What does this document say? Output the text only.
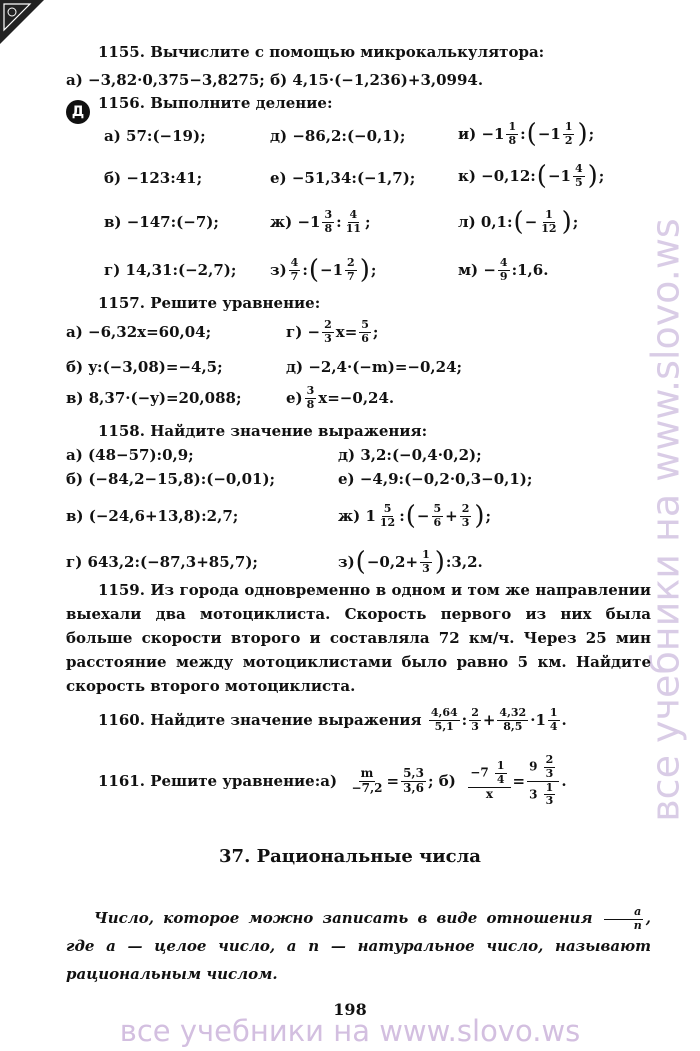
все учебники на www.slovo.ws
1155. Вычислите с помощью микрокалькулятора:
а) −3,82·0,375−3,8275; б) 4,15·(−1,236)+3,0994.
Д 1156. Выполните деление:
а) 57:(−19);	д) −86,2:(−0,1);	$и) -1 \frac{1}{8}$ : ( $-1 \frac{1}{2}$ ) ;
б) −123:41;	е) −51,34:(−1,7);	к) −0,12: ( $-1 \frac{4}{5}$ ) ;
в) −147:(−7);	$ж) -1 \frac{3}{8}$ : $\frac{4}{11}$ ;	л) 0,1: ( − $\frac{1}{12}$ ) ;
г) 14,31:(−2,7); $з) \frac{4}{7}$ : ( $-1 \frac{2}{7}$ ) ;	$м) - \frac{4}{9}$ :1,6.
1157. Решите уравнение:
а) −6,32x=60,04;	$г) - \frac{2}{3} x= \frac{5}{6}$ ;
б) y:(−3,08)=−4,5;	д) −2,4·(−m)=−0,24;
в) 8,37·(−y)=20,088;	$е) \frac{3}{8} x=-0,24$.
1158. Найдите значение выражения:
а) (48−57):0,9;	д) 3,2:(−0,4·0,2);
б) (−84,2−15,8):(−0,01);	е) −4,9:(−0,2·0,3−0,1);
в) (−24,6+13,8):2,7;	ж) $1 \frac{5}{12}$ : ( − $\frac{5}{6} + \frac{2}{3}$ ) ;
г) 643,2:(−87,3+85,7);	з) ( $-0,2+ \frac{1}{3}$ ) :3,2.
1159. Из города одновременно в одном и том же направлении выехали два мотоциклиста. Скорость первого из них была больше скорости второго и составляла 72 км/ч. Через 25 мин расстояние между мотоциклистами было равно 5 км. Найдите скорость второго мотоциклиста.
1160. Найдите значение выражения
$\frac{4,64}{5,1}$ : $\frac{2}{3} + \frac{4,32}{8,5} \cdot 1 \frac{1}{4}$ .
1161. Решите уравнение: а)
$\frac{m}{-7,2} = \frac{5,3}{3,6}$ ;
б)
$\frac{-7 \frac{1}{4}}{x} = \frac{9 \frac{2}{3}}{3 \frac{1}{3}}$ .
37. Рациональные числа
Число, которое можно записать в виде отношения $\frac{a}{n}$ , где a — целое число, а n — натуральное число, называют рациональным числом.
198
все учебники на www.slovo.ws
